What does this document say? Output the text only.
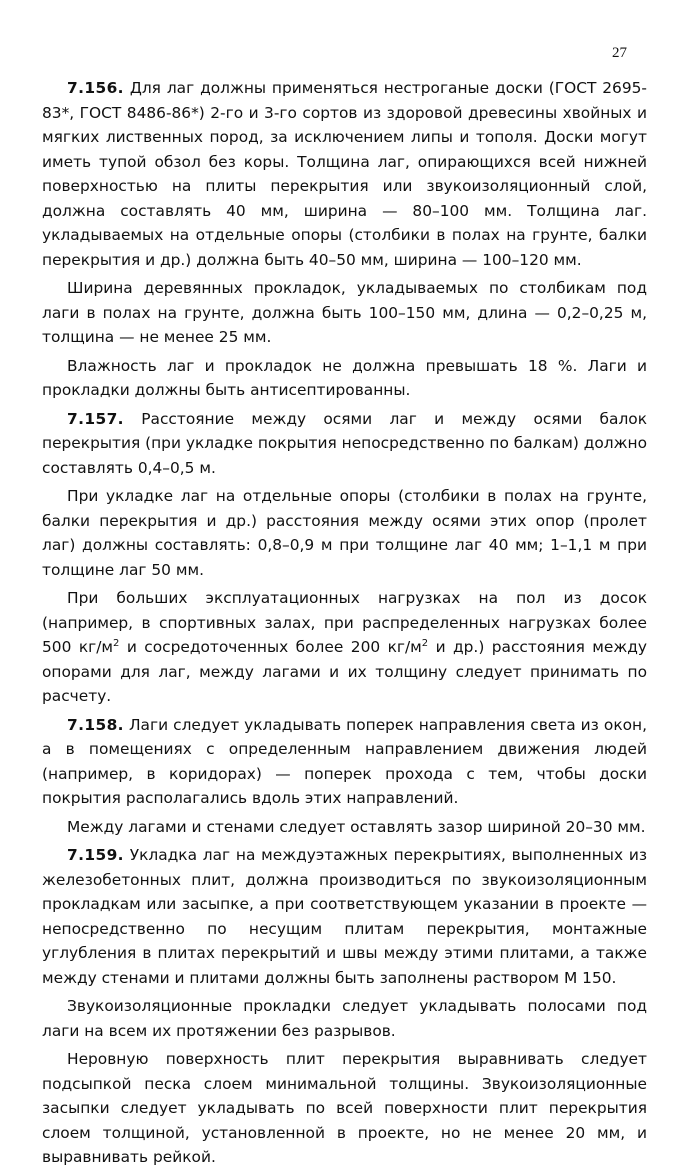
27

7.156. Для лаг должны применяться нестроганые доски (ГОСТ 2695-83*, ГОСТ 8486-86*) 2-го и 3-го сортов из здоровой древесины хвойных и мягких лиственных пород, за исключением липы и тополя. Доски могут иметь тупой обзол без коры. Толщина лаг, опирающихся всей нижней поверхностью на плиты перекрытия или звукоизоляционный слой, должна составлять 40 мм, ширина — 80–100 мм. Толщина лаг. укладываемых на отдельные опоры (столбики в полах на грунте, балки перекрытия и др.) должна быть 40–50 мм, ширина — 100–120 мм.

Ширина деревянных прокладок, укладываемых по столбикам под лаги в полах на грунте, должна быть 100–150 мм, длина — 0,2–0,25 м, толщина — не менее 25 мм.

Влажность лаг и прокладок не должна превышать 18 %. Лаги и прокладки должны быть антисептированны.

7.157. Расстояние между осями лаг и между осями балок перекрытия (при укладке покрытия непосредственно по балкам) должно составлять 0,4–0,5 м.

При укладке лаг на отдельные опоры (столбики в полах на грунте, балки перекрытия и др.) расстояния между осями этих опор (пролет лаг) должны составлять: 0,8–0,9 м при толщине лаг 40 мм; 1–1,1 м при толщине лаг 50 мм.

При больших эксплуатационных нагрузках на пол из досок (например, в спортивных залах, при распределенных нагрузках более 500 $кг/м^2$ и сосредоточенных более 200 $кг/м^2$ и др.) расстояния между опорами для лаг, между лагами и их толщину следует принимать по расчету.

7.158. Лаги следует укладывать поперек направления света из окон, а в помещениях с определенным направлением движения людей (например, в коридорах) — поперек прохода с тем, чтобы доски покрытия располагались вдоль этих направлений.

Между лагами и стенами следует оставлять зазор шириной 20–30 мм.

7.159. Укладка лаг на междуэтажных перекрытиях, выполненных из железобетонных плит, должна производиться по звукоизоляционным прокладкам или засыпке, а при соответствующем указании в проекте — непосредственно по несущим плитам перекрытия, монтажные углубления в плитах перекрытий и швы между этими плитами, а также между стенами и плитами должны быть заполнены раствором М 150.

Звукоизоляционные прокладки следует укладывать полосами под лаги на всем их протяжении без разрывов.

Неровную поверхность плит перекрытия выравнивать следует подсыпкой песка слоем минимальной толщины. Звукоизоляционные засыпки следует укладывать по всей поверхности плит перекрытия слоем толщиной, установленной в проекте, но не менее 20 мм, и выравнивать рейкой.
